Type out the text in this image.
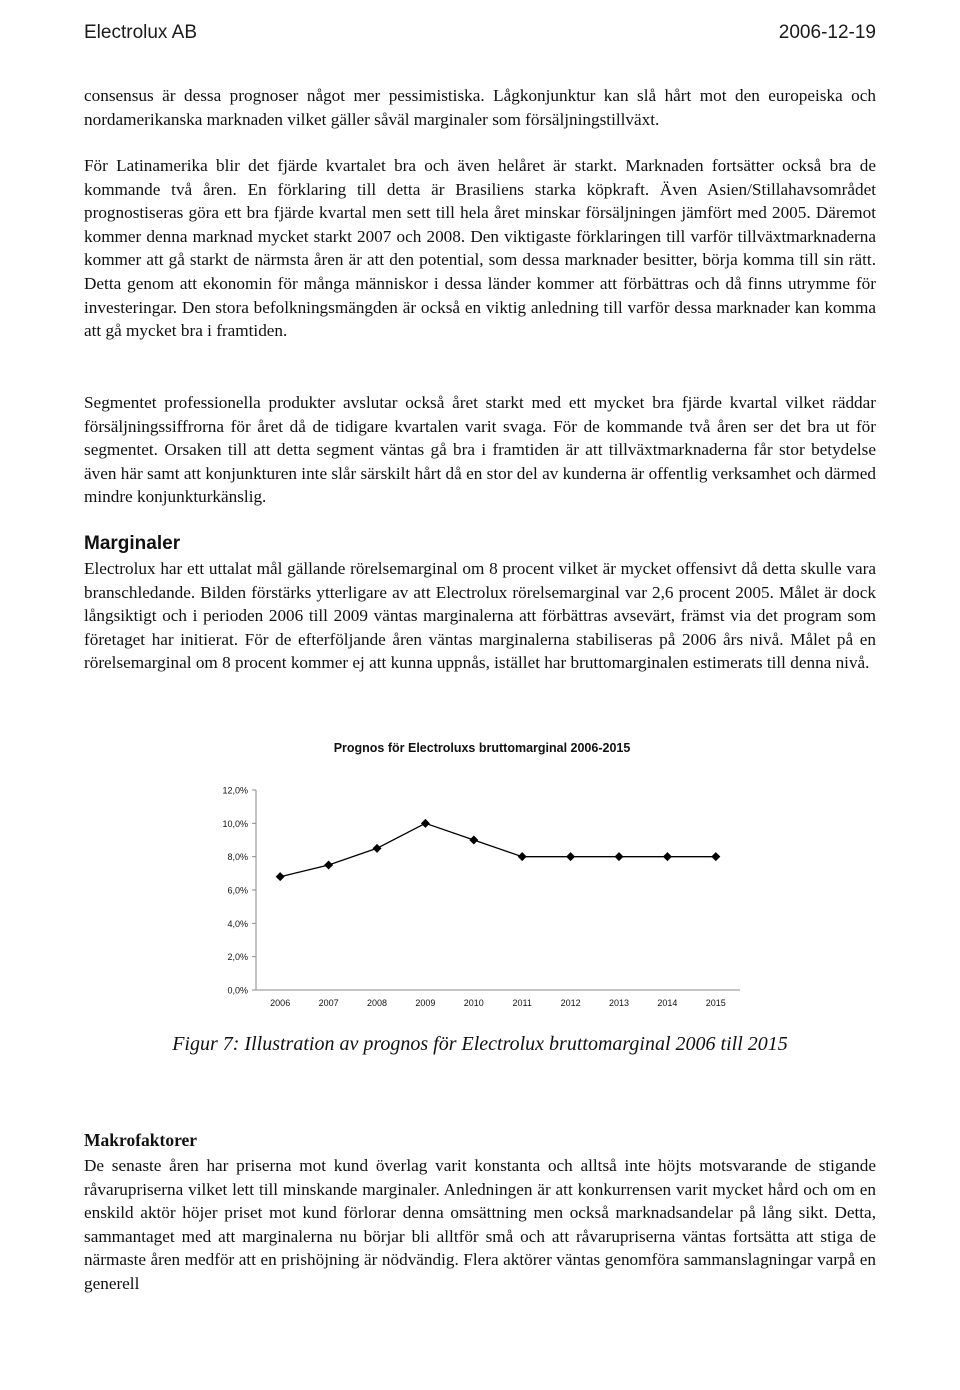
Electrolux AB	2006-12-19

consensus är dessa prognoser något mer pessimistiska. Lågkonjunktur kan slå hårt mot den europeiska och nordamerikanska marknaden vilket gäller såväl marginaler som försäljningstillväxt.

För Latinamerika blir det fjärde kvartalet bra och även helåret är starkt. Marknaden fortsätter också bra de kommande två åren. En förklaring till detta är Brasiliens starka köpkraft. Även Asien/Stillahavsområdet prognostiseras göra ett bra fjärde kvartal men sett till hela året minskar försäljningen jämfört med 2005. Däremot kommer denna marknad mycket starkt 2007 och 2008. Den viktigaste förklaringen till varför tillväxtmarknaderna kommer att gå starkt de närmsta åren är att den potential, som dessa marknader besitter, börja komma till sin rätt. Detta genom att ekonomin för många människor i dessa länder kommer att förbättras och då finns utrymme för investeringar. Den stora befolkningsmängden är också en viktig anledning till varför dessa marknader kan komma att gå mycket bra i framtiden.

Segmentet professionella produkter avslutar också året starkt med ett mycket bra fjärde kvartal vilket räddar försäljningssiffrorna för året då de tidigare kvartalen varit svaga. För de kommande två åren ser det bra ut för segmentet. Orsaken till att detta segment väntas gå bra i framtiden är att tillväxtmarknaderna får stor betydelse även här samt att konjunkturen inte slår särskilt hårt då en stor del av kunderna är offentlig verksamhet och därmed mindre konjunkturkänslig.

Marginaler

Electrolux har ett uttalat mål gällande rörelsemarginal om 8 procent vilket är mycket offensivt då detta skulle vara branschledande. Bilden förstärks ytterligare av att Electrolux rörelsemarginal var 2,6 procent 2005. Målet är dock långsiktigt och i perioden 2006 till 2009 väntas marginalerna att förbättras avsevärt, främst via det program som företaget har initierat. För de efterföljande åren väntas marginalerna stabiliseras på 2006 års nivå. Målet på en rörelsemarginal om 8 procent kommer ej att kunna uppnås, istället har bruttomarginalen estimerats till denna nivå.

Prognos för Electroluxs bruttomarginal 2006-2015
0,0%
2,0%
4,0%
6,0%
8,0%
10,0%
12,0%
2006	2007	2008	2009	2010	2011	2012	2013	2014	2015

Figur 7: Illustration av prognos för Electrolux bruttomarginal 2006 till 2015

Makrofaktorer

De senaste åren har priserna mot kund överlag varit konstanta och alltså inte höjts motsvarande de stigande råvarupriserna vilket lett till minskande marginaler. Anledningen är att konkurrensen varit mycket hård och om en enskild aktör höjer priset mot kund förlorar denna omsättning men också marknadsandelar på lång sikt. Detta, sammantaget med att marginalerna nu börjar bli alltför små och att råvarupriserna väntas fortsätta att stiga de närmaste åren medför att en prishöjning är nödvändig. Flera aktörer väntas genomföra sammanslagningar varpå en generell
